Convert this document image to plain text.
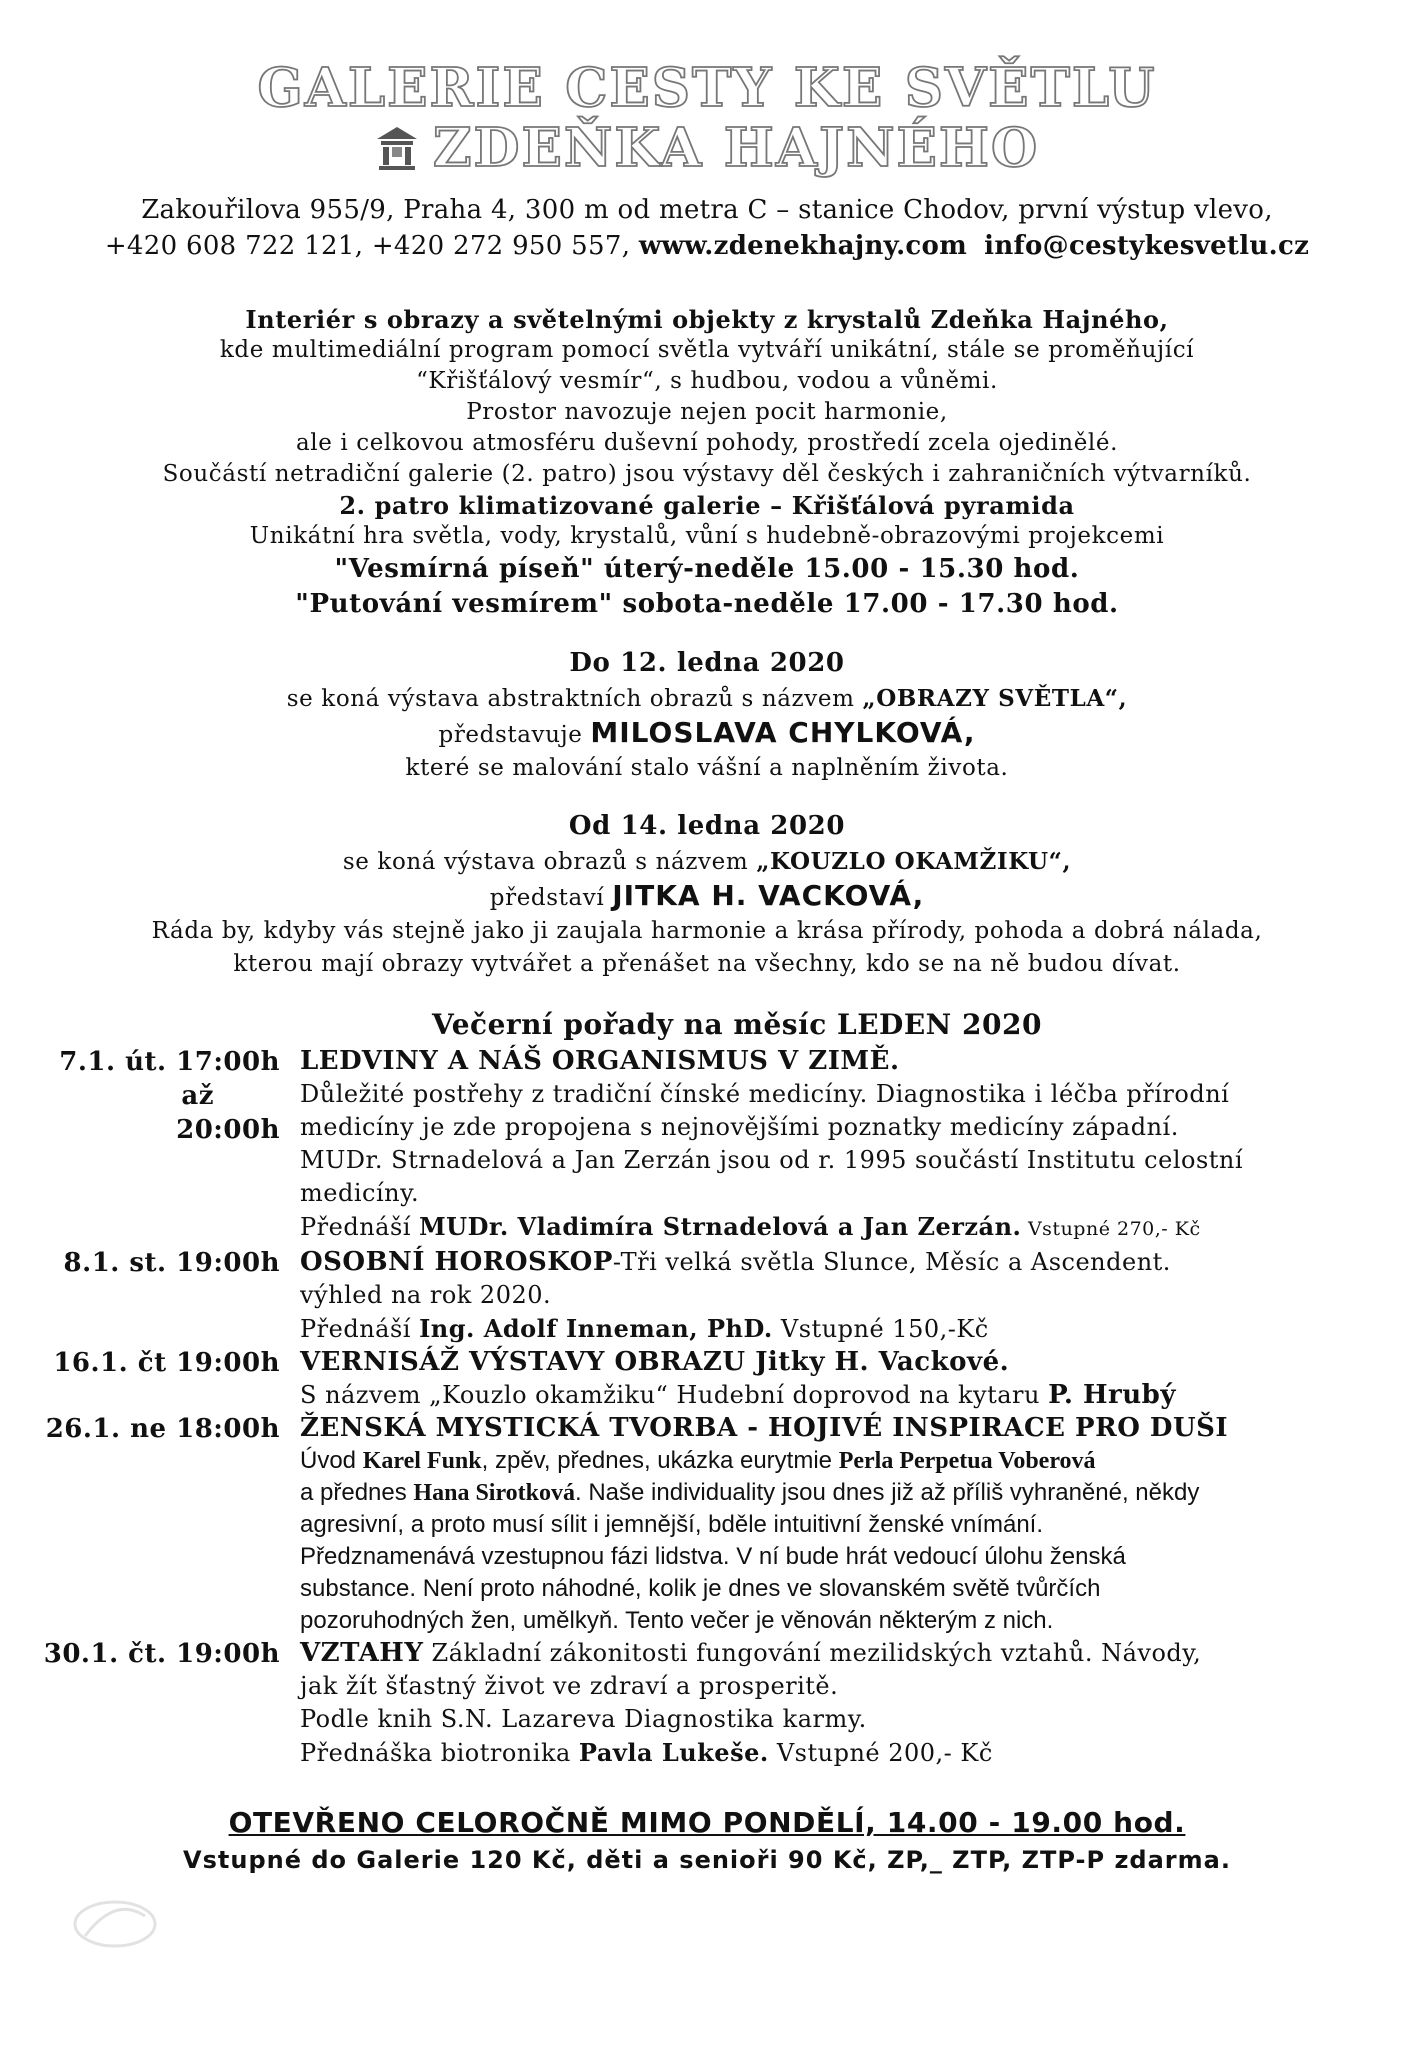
GALERIE CESTY KE SVĚTLU
ZDEŇKA HAJNÉHO
Zakouřilova 955/9, Praha 4, 300 m od metra C – stanice Chodov, první výstup vlevo,
+420 608 722 121, +420 272 950 557, www.zdenekhajny.com info@cestykesvetlu.cz
Interiér s obrazy a světelnými objekty z krystalů Zdeňka Hajného,
kde multimediální program pomocí světla vytváří unikátní, stále se proměňující
“Křišťálový vesmír“, s hudbou, vodou a vůněmi.
Prostor navozuje nejen pocit harmonie,
ale i celkovou atmosféru duševní pohody, prostředí zcela ojedinělé.
Součástí netradiční galerie (2. patro) jsou výstavy děl českých i zahraničních výtvarníků.
2. patro klimatizované galerie – Křišťálová pyramida
Unikátní hra světla, vody, krystalů, vůní s hudebně-obrazovými projekcemi
"Vesmírná píseň" úterý-neděle 15.00 - 15.30 hod.
"Putování vesmírem" sobota-neděle 17.00 - 17.30 hod.
Do 12. ledna 2020
se koná výstava abstraktních obrazů s názvem „OBRAZY SVĚTLA“,
představuje MILOSLAVA CHYLKOVÁ,
které se malování stalo vášní a naplněním života.
Od 14. ledna 2020
se koná výstava obrazů s názvem „KOUZLO OKAMŽIKU“,
představí JITKA H. VACKOVÁ,
Ráda by, kdyby vás stejně jako ji zaujala harmonie a krása přírody, pohoda a dobrá nálada,
kterou mají obrazy vytvářet a přenášet na všechny, kdo se na ně budou dívat.
Večerní pořady na měsíc LEDEN 2020
7.1. út. 17:00h
až
20:00h
LEDVINY A NÁŠ ORGANISMUS V ZIMĚ.
Důležité postřehy z tradiční čínské medicíny. Diagnostika i léčba přírodní
medicíny je zde propojena s nejnovějšími poznatky medicíny západní.
MUDr. Strnadelová a Jan Zerzán jsou od r. 1995 součástí Institutu celostní
medicíny.
Přednáší MUDr. Vladimíra Strnadelová a Jan Zerzán. Vstupné 270,- Kč
8.1. st. 19:00h OSOBNÍ HOROSKOP-Tři velká světla Slunce, Měsíc a Ascendent.
výhled na rok 2020.
Přednáší Ing. Adolf Inneman, PhD. Vstupné 150,-Kč
16.1. čt 19:00h VERNISÁŽ VÝSTAVY OBRAZU Jitky H. Vackové.
S názvem „Kouzlo okamžiku“ Hudební doprovod na kytaru P. Hrubý
26.1. ne 18:00h ŽENSKÁ MYSTICKÁ TVORBA - HOJIVÉ INSPIRACE PRO DUŠI
Úvod Karel Funk, zpěv, přednes, ukázka eurytmie Perla Perpetua Voberová
a přednes Hana Sirotková. Naše individuality jsou dnes již až příliš vyhraněné, někdy
agresivní, a proto musí sílit i jemnější, bděle intuitivní ženské vnímání.
Předznamenává vzestupnou fázi lidstva. V ní bude hrát vedoucí úlohu ženská
substance. Není proto náhodné, kolik je dnes ve slovanském světě tvůrčích
pozoruhodných žen, umělkyň. Tento večer je věnován některým z nich.
30.1. čt. 19:00h VZTAHY Základní zákonitosti fungování mezilidských vztahů. Návody,
jak žít šťastný život ve zdraví a prosperitě.
Podle knih S.N. Lazareva Diagnostika karmy.
Přednáška biotronika Pavla Lukeše. Vstupné 200,- Kč
OTEVŘENO CELOROČNĚ MIMO PONDĚLÍ, 14.00 - 19.00 hod.
Vstupné do Galerie 120 Kč, děti a senioři 90 Kč, ZP,_ ZTP, ZTP-P zdarma.
